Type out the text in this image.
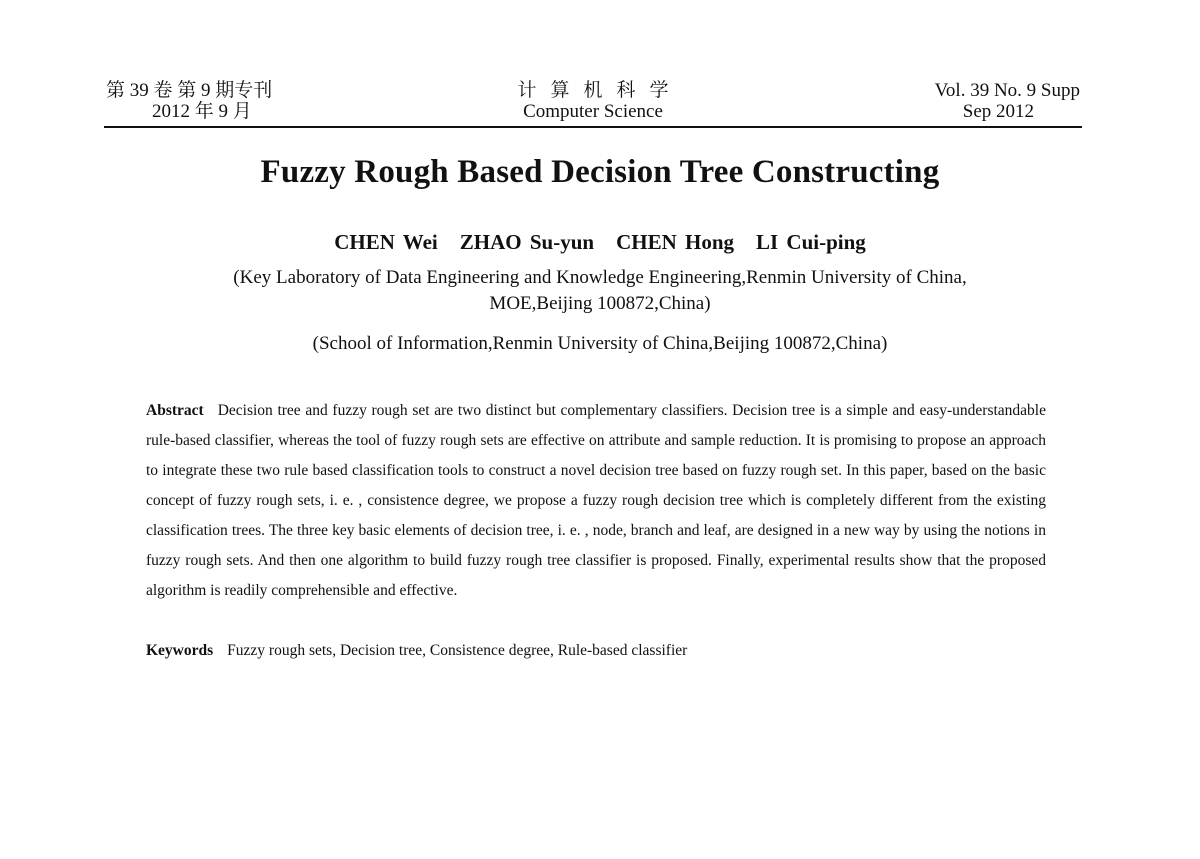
第 39 卷 第 9 期专刊
2012 年 9 月
计算机科学
Computer Science
Vol. 39 No. 9 Supp
Sep 2012
Fuzzy Rough Based Decision Tree Constructing
CHEN Wei ZHAO Su-yun CHEN Hong LI Cui-ping
(Key Laboratory of Data Engineering and Knowledge Engineering,Renmin University of China,
MOE,Beijing 100872,China)
(School of Information,Renmin University of China,Beijing 100872,China)

Abstract Decision tree and fuzzy rough set are two distinct but complementary classifiers. Decision tree is a simple and easy-understandable rule-based classifier, whereas the tool of fuzzy rough sets are effective on attribute and sample reduction. It is promising to propose an approach to integrate these two rule based classification tools to construct a novel decision tree based on fuzzy rough set. In this paper, based on the basic concept of fuzzy rough sets, i. e. , consistence degree, we propose a fuzzy rough decision tree which is completely different from the existing classification trees. The three key basic elements of decision tree, i. e. , node, branch and leaf, are designed in a new way by using the notions in fuzzy rough sets. And then one algorithm to build fuzzy rough tree classifier is proposed. Finally, experimental results show that the proposed algorithm is readily comprehensible and effective.

Keywords Fuzzy rough sets, Decision tree, Consistence degree, Rule-based classifier
